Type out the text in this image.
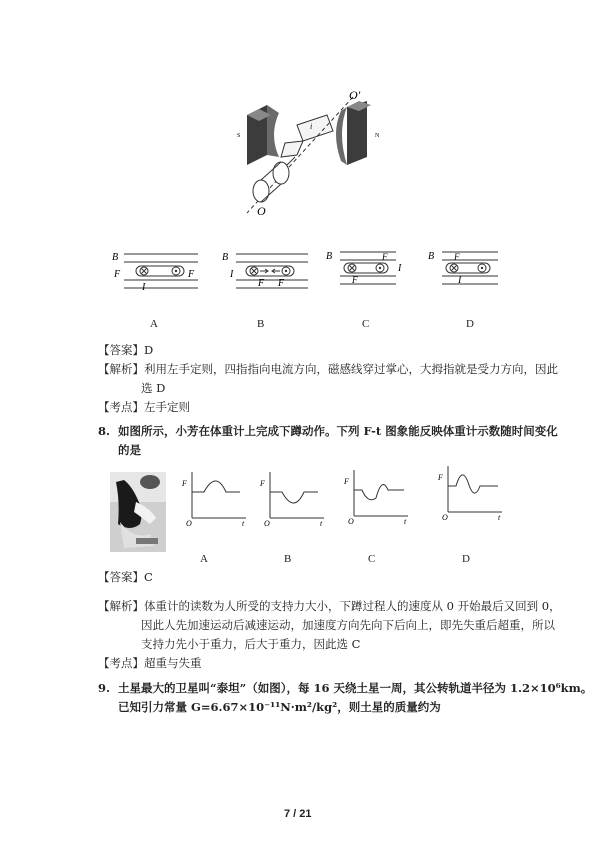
O′
O
i
S	N
B
F	F
I
B
F F
I
B	F
I
F
B F
I
A	B	C	D
【答案】D
【解析】利用左手定则，四指指向电流方向，磁感线穿过掌心，大拇指就是受力方向，因此
选 D
【考点】左手定则
8. 如图所示，小芳在体重计上完成下蹲动作。下列 F-t 图象能反映体重计示数随时间变化
的是
F
O	t
F
O	t
F
O	t
F
O	t
A	B	C	D
【答案】C
【解析】体重计的读数为人所受的支持力大小，下蹲过程人的速度从 0 开始最后又回到 0，
因此人先加速运动后减速运动，加速度方向先向下后向上，即先失重后超重，所以
支持力先小于重力，后大于重力，因此选 C
【考点】超重与失重
9. 土星最大的卫星叫“泰坦”（如图），每 16 天绕土星一周，其公转轨道半径为 1.2×10⁶km。
已知引力常量 G=6.67×10⁻¹¹N·m²/kg²，则土星的质量约为
7 / 21
